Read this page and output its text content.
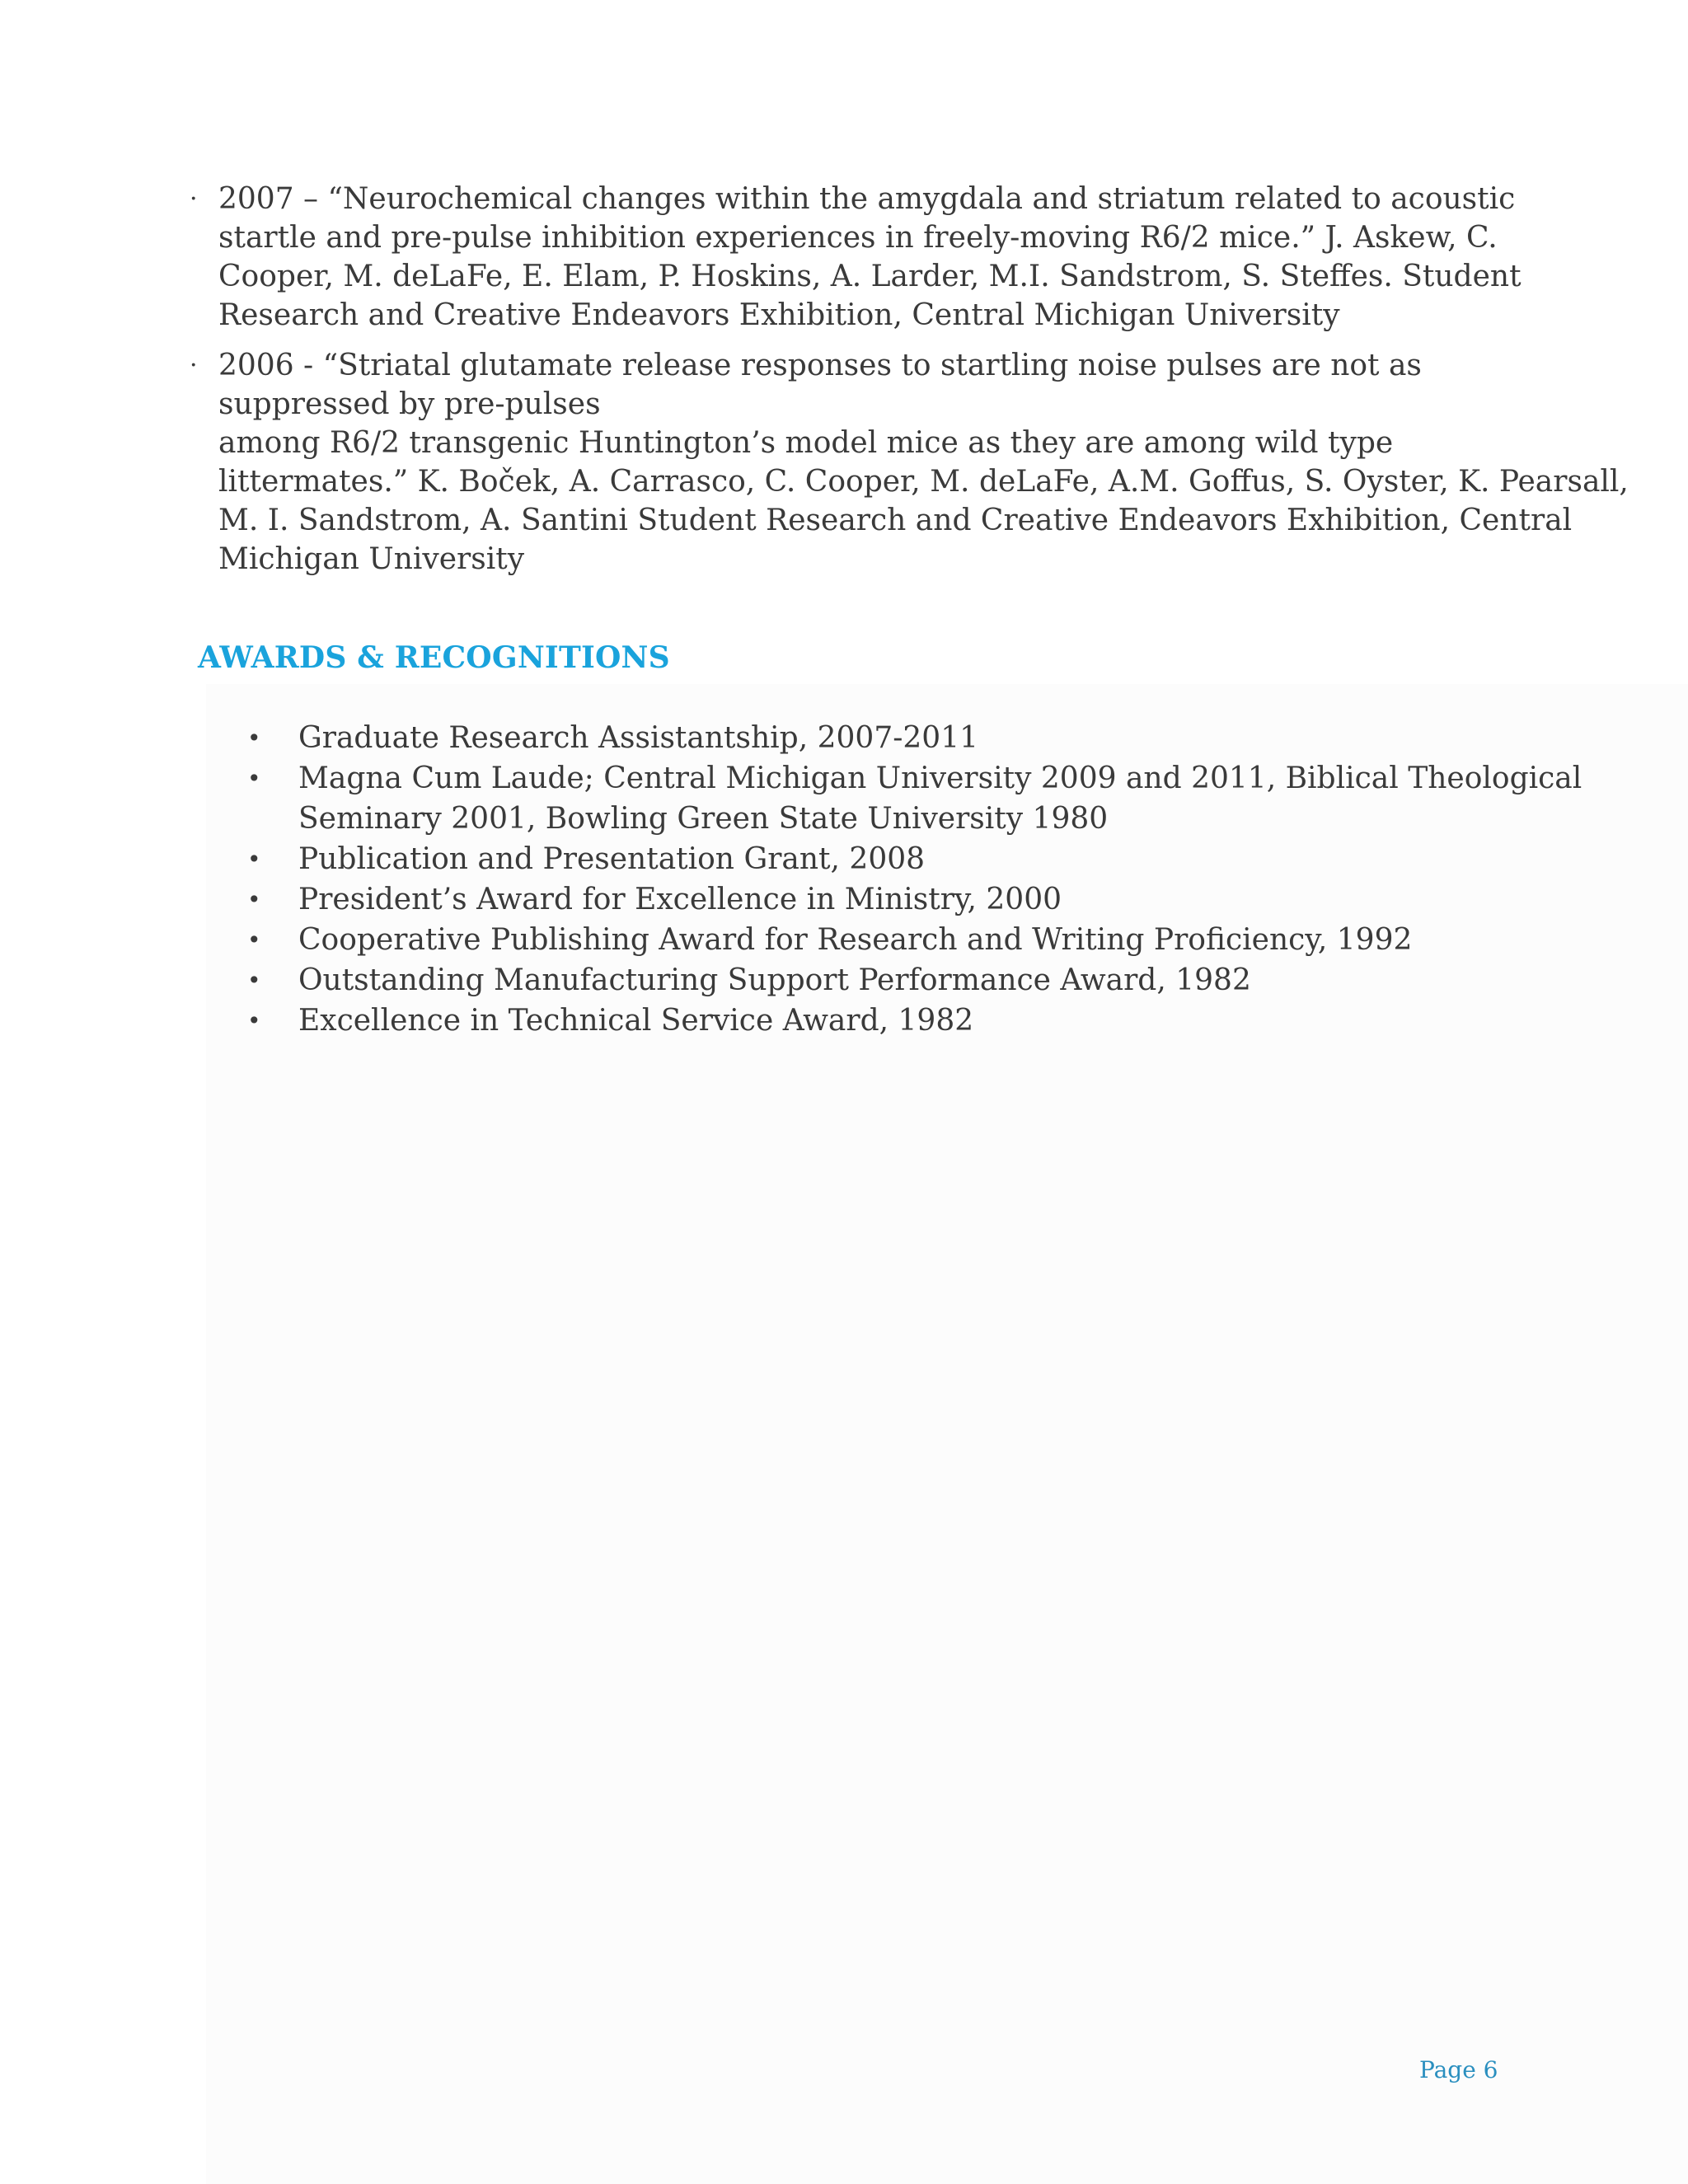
· 2007 – “Neurochemical changes within the amygdala and striatum related to acoustic
startle and pre-pulse inhibition experiences in freely-moving R6/2 mice.” J. Askew, C.
Cooper, M. deLaFe, E. Elam, P. Hoskins, A. Larder, M.I. Sandstrom, S. Steffes. Student
Research and Creative Endeavors Exhibition, Central Michigan University
· 2006 - “Striatal glutamate release responses to startling noise pulses are not as
suppressed by pre-pulses
among R6/2 transgenic Huntington’s model mice as they are among wild type
littermates.” K. Boček, A. Carrasco, C. Cooper, M. deLaFe, A.M. Goffus, S. Oyster, K. Pearsall,
M. I. Sandstrom, A. Santini Student Research and Creative Endeavors Exhibition, Central
Michigan University
AWARDS & RECOGNITIONS
• Graduate Research Assistantship, 2007-2011
• Magna Cum Laude; Central Michigan University 2009 and 2011, Biblical Theological
Seminary 2001, Bowling Green State University 1980
• Publication and Presentation Grant, 2008
• President’s Award for Excellence in Ministry, 2000
• Cooperative Publishing Award for Research and Writing Proficiency, 1992
• Outstanding Manufacturing Support Performance Award, 1982
• Excellence in Technical Service Award, 1982
Page 6
